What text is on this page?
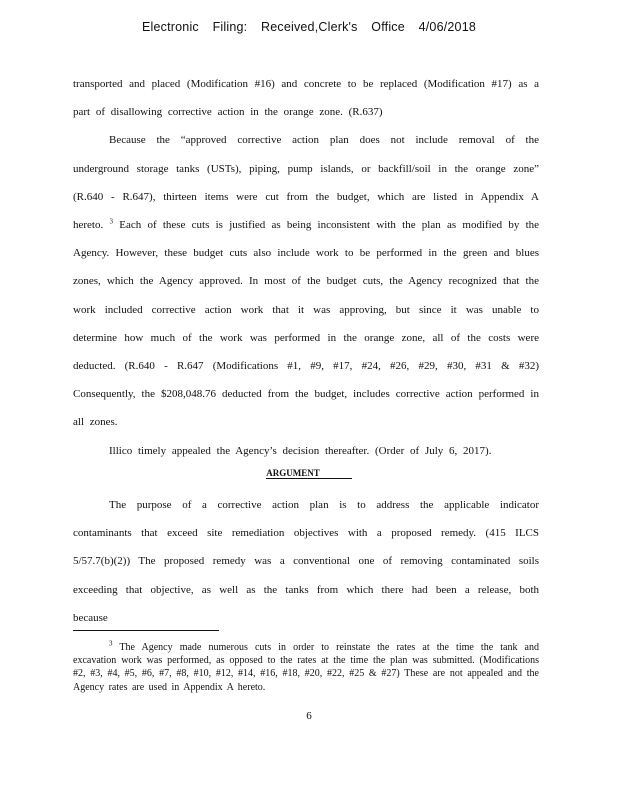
Electronic Filing: Received,Clerk's Office 4/06/2018

transported and placed (Modification #16) and concrete to be replaced (Modification #17) as a part of disallowing corrective action in the orange zone. (R.637)

Because the “approved corrective action plan does not include removal of the underground storage tanks (USTs), piping, pump islands, or backfill/soil in the orange zone” (R.640 - R.647), thirteen items were cut from the budget, which are listed in Appendix A hereto. $^3$ Each of these cuts is justified as being inconsistent with the plan as modified by the Agency. However, these budget cuts also include work to be performed in the green and blues zones, which the Agency approved. In most of the budget cuts, the Agency recognized that the work included corrective action work that it was approving, but since it was unable to determine how much of the work was performed in the orange zone, all of the costs were deducted. (R.640 - R.647 (Modifications #1, #9, #17, #24, #26, #29, #30, #31 & #32) Consequently, the $208,048.76 deducted from the budget, includes corrective action performed in all zones.

Illico timely appealed the Agency’s decision thereafter. (Order of July 6, 2017).

ARGUMENT

The purpose of a corrective action plan is to address the applicable indicator contaminants that exceed site remediation objectives with a proposed remedy. (415 ILCS 5/57.7(b)(2)) The proposed remedy was a conventional one of removing contaminated soils exceeding that objective, as well as the tanks from which there had been a release, both because

$^3$ The Agency made numerous cuts in order to reinstate the rates at the time the tank and excavation work was performed, as opposed to the rates at the time the plan was submitted. (Modifications #2, #3, #4, #5, #6, #7, #8, #10, #12, #14, #16, #18, #20, #22, #25 & #27) These are not appealed and the Agency rates are used in Appendix A hereto.

6
